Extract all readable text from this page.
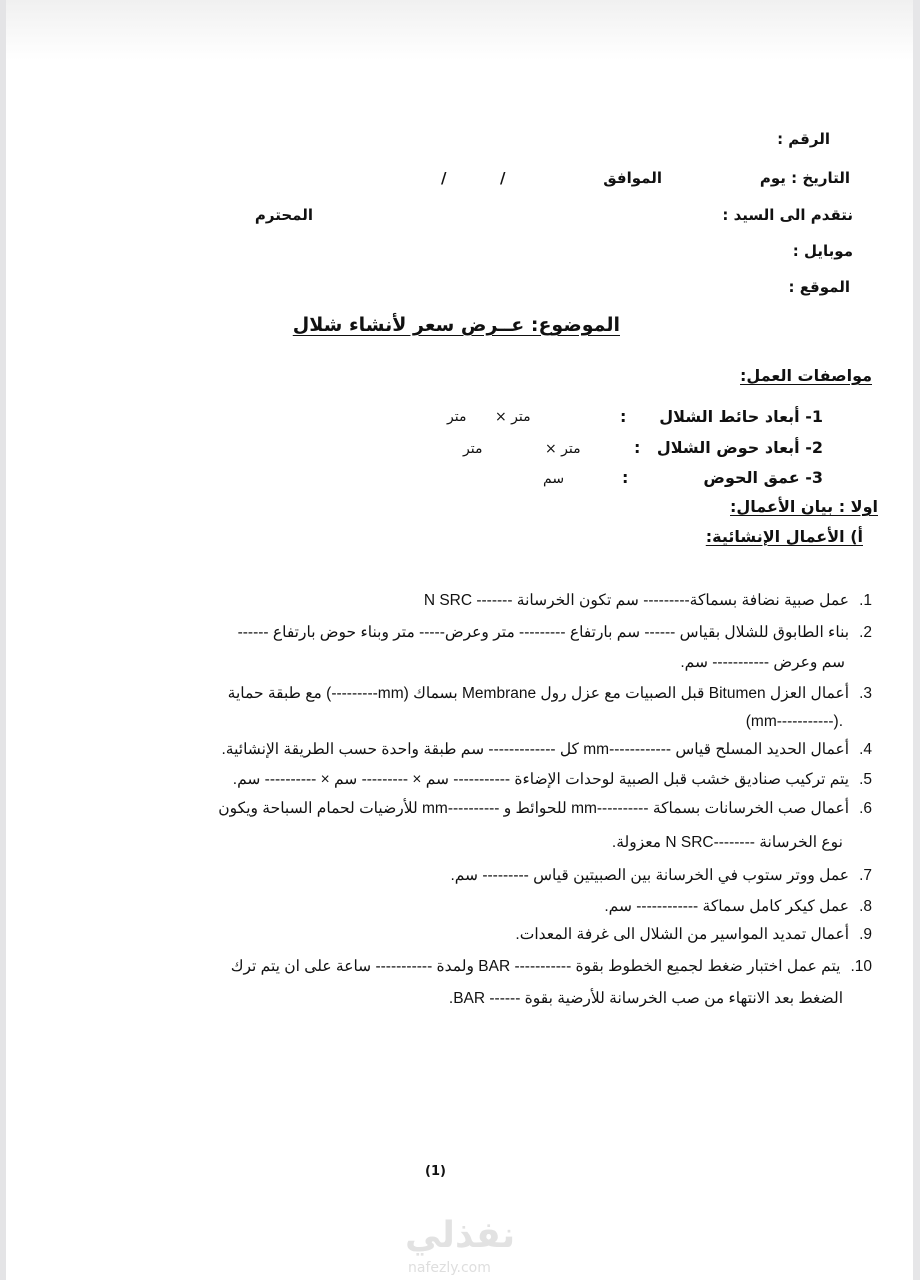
الرقم :
التاريخ : يوم
الموافق
/
/
نتقدم الى السيد :
المحترم
موبايل :
الموقع :
الموضوع: عــرض سعر لأنشاء شلال
مواصفات العمل:
1- أبعاد حائط الشلال
:
متر ×
متر
2- أبعاد حوض الشلال
:
متر ×
متر
3- عمق الحوض
:
سم
اولا : بيان الأعمال:
أ) الأعمال الإنشائية:
1.عمل صبية نضافة بسماكة--------- سم تكون الخرسانة ------- N SRC
2.بناء الطابوق للشلال بقياس ------ سم بارتفاع --------- متر وعرض----- متر وبناء حوض بارتفاع ------
سم وعرض ----------- سم.
3.أعمال العزل Bitumen قبل الصبيات مع عزل رول Membrane بسماك (mm---------) مع طبقة حماية
(mm-----------).
4.أعمال الحديد المسلح قياس ------------mm كل ------------- سم طبقة واحدة حسب الطريقة الإنشائية.
5.يتم تركيب صناديق خشب قبل الصبية لوحدات الإضاءة ----------- سم × --------- سم × ---------- سم.
6.أعمال صب الخرسانات بسماكة ----------mm للحوائط و ----------mm للأرضيات لحمام السباحة ويكون
نوع الخرسانة --------N SRC معزولة.
7.عمل ووتر ستوب في الخرسانة بين الصبيتين قياس --------- سم.
8.عمل كيكر كامل سماكة ------------ سم.
9.أعمال تمديد المواسير من الشلال الى غرفة المعدات.
10.يتم عمل اختبار ضغط لجميع الخطوط بقوة ----------- BAR ولمدة ----------- ساعة على ان يتم ترك
الضغط بعد الانتهاء من صب الخرسانة للأرضية بقوة ------ BAR.
(1)
نفذلي
nafezly.com
